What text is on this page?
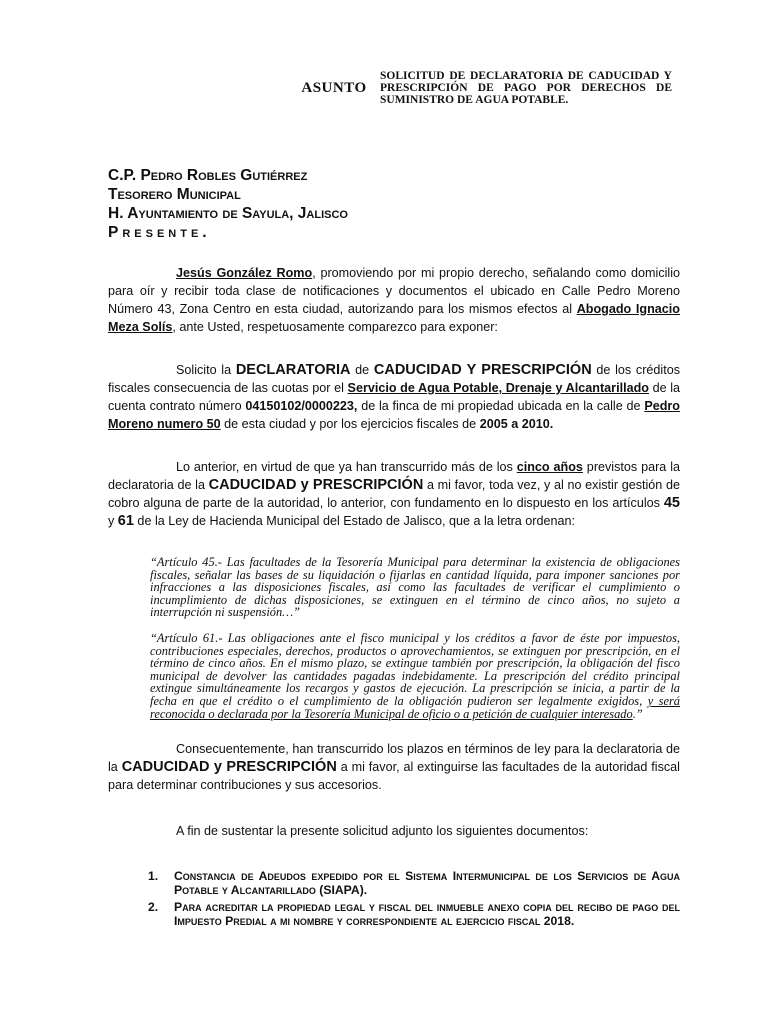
ASUNTO
SOLICITUD DE DECLARATORIA DE CADUCIDAD Y PRESCRIPCIÓN DE PAGO POR DERECHOS DE SUMINISTRO DE AGUA POTABLE.
C.P. Pedro Robles Gutiérrez
Tesorero Municipal
H. Ayuntamiento de Sayula, Jalisco
Presente.
Jesús González Romo, promoviendo por mi propio derecho, señalando como domicilio para oír y recibir toda clase de notificaciones y documentos el ubicado en Calle Pedro Moreno Número 43, Zona Centro en esta ciudad, autorizando para los mismos efectos al Abogado Ignacio Meza Solís, ante Usted, respetuosamente comparezco para exponer:
Solicito la DECLARATORIA de CADUCIDAD Y PRESCRIPCIÓN de los créditos fiscales consecuencia de las cuotas por el Servicio de Agua Potable, Drenaje y Alcantarillado de la cuenta contrato número 04150102/0000223, de la finca de mi propiedad ubicada en la calle de Pedro Moreno numero 50 de esta ciudad y por los ejercicios fiscales de 2005 a 2010.
Lo anterior, en virtud de que ya han transcurrido más de los cinco años previstos para la declaratoria de la CADUCIDAD y PRESCRIPCIÓN a mi favor, toda vez, y al no existir gestión de cobro alguna de parte de la autoridad, lo anterior, con fundamento en lo dispuesto en los artículos 45 y 61 de la Ley de Hacienda Municipal del Estado de Jalisco, que a la letra ordenan:
“Artículo 45.- Las facultades de la Tesorería Municipal para determinar la existencia de obligaciones fiscales, señalar las bases de su liquidación o fijarlas en cantidad líquida, para imponer sanciones por infracciones a las disposiciones fiscales, así como las facultades de verificar el cumplimiento o incumplimiento de dichas disposiciones, se extinguen en el término de cinco años, no sujeto a interrupción ni suspensión…”
“Artículo 61.- Las obligaciones ante el fisco municipal y los créditos a favor de éste por impuestos, contribuciones especiales, derechos, productos o aprovechamientos, se extinguen por prescripción, en el término de cinco años. En el mismo plazo, se extingue también por prescripción, la obligación del fisco municipal de devolver las cantidades pagadas indebidamente. La prescripción del crédito principal extingue simultáneamente los recargos y gastos de ejecución. La prescripción se inicia, a partir de la fecha en que el crédito o el cumplimiento de la obligación pudieron ser legalmente exigidos, y será reconocida o declarada por la Tesorería Municipal de oficio o a petición de cualquier interesado.”
Consecuentemente, han transcurrido los plazos en términos de ley para la declaratoria de la CADUCIDAD y PRESCRIPCIÓN a mi favor, al extinguirse las facultades de la autoridad fiscal para determinar contribuciones y sus accesorios.
A fin de sustentar la presente solicitud adjunto los siguientes documentos:
1. Constancia de Adeudos expedido por el Sistema Intermunicipal de los Servicios de Agua Potable y Alcantarillado (SIAPA).
2. Para acreditar la propiedad legal y fiscal del inmueble anexo copia del recibo de pago del Impuesto Predial a mi nombre y correspondiente al ejercicio fiscal 2018.
